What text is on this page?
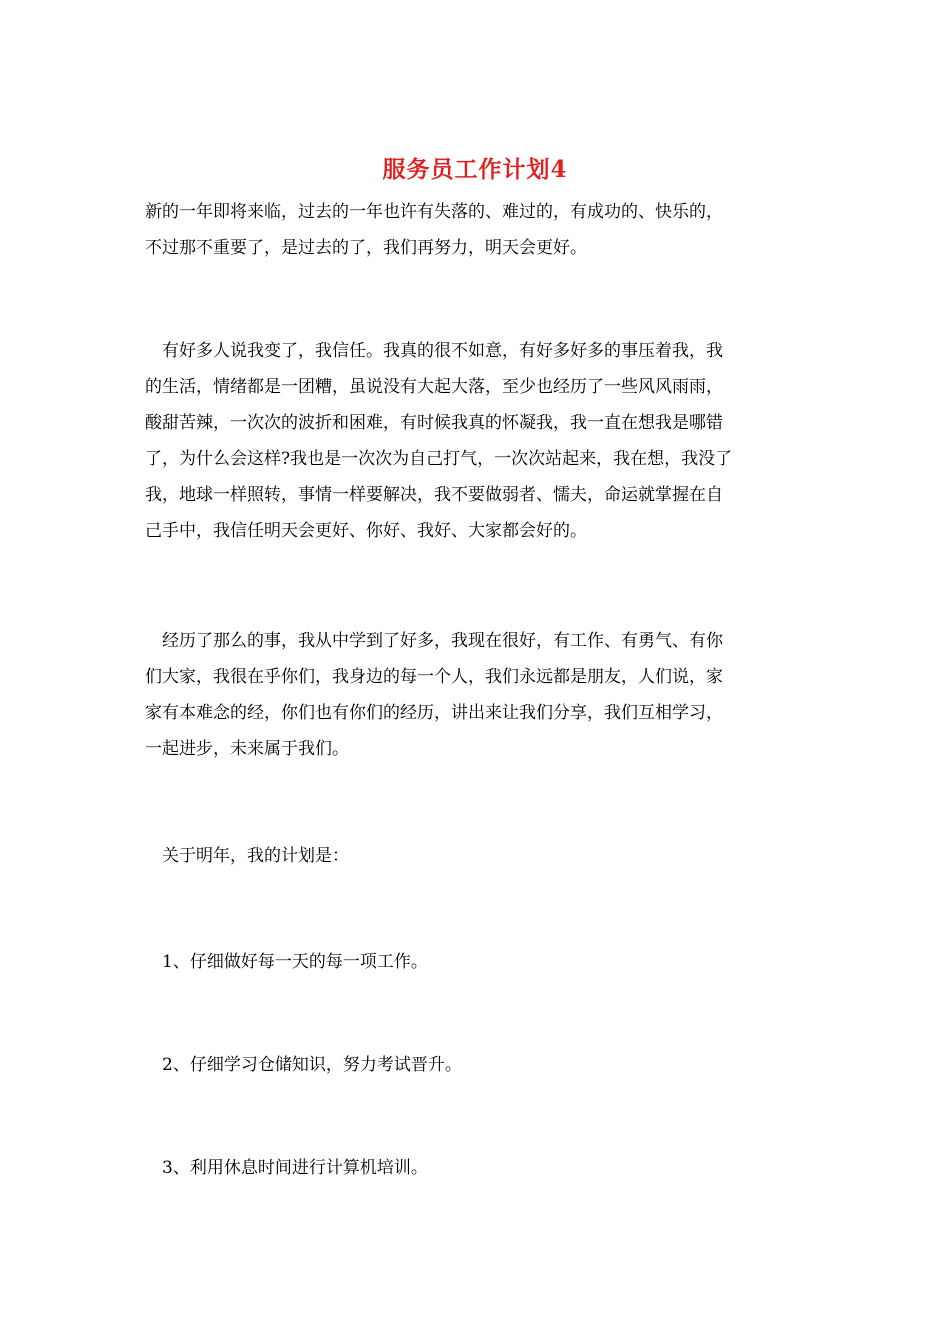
服务员工作计划4
新的一年即将来临，过去的一年也许有失落的、难过的，有成功的、快乐的，
不过那不重要了，是过去的了，我们再努力，明天会更好。
　有好多人说我变了，我信任。我真的很不如意，有好多好多的事压着我，我
的生活，情绪都是一团糟，虽说没有大起大落，至少也经历了一些风风雨雨，
酸甜苦辣，一次次的波折和困难，有时候我真的怀凝我，我一直在想我是哪错
了，为什么会这样?我也是一次次为自己打气，一次次站起来，我在想，我没了
我，地球一样照转，事情一样要解决，我不要做弱者、懦夫，命运就掌握在自
己手中，我信任明天会更好、你好、我好、大家都会好的。
　经历了那么的事，我从中学到了好多，我现在很好，有工作、有勇气、有你
们大家，我很在乎你们，我身边的每一个人，我们永远都是朋友，人们说，家
家有本难念的经，你们也有你们的经历，讲出来让我们分享，我们互相学习，
一起进步，未来属于我们。
　关于明年，我的计划是：
　1、仔细做好每一天的每一项工作。
　2、仔细学习仓储知识，努力考试晋升。
　3、利用休息时间进行计算机培训。
